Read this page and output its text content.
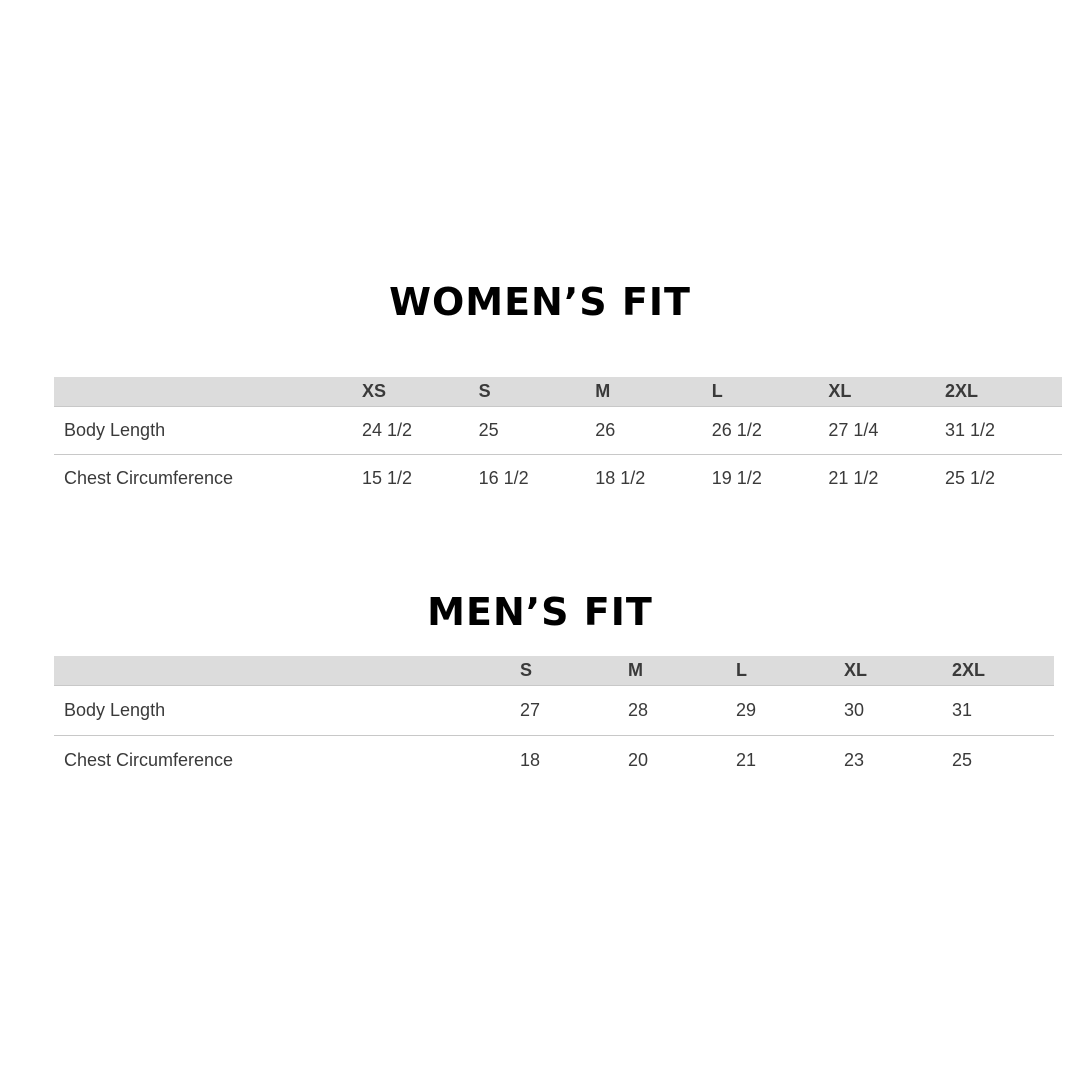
WOMEN’S FIT
	XS	S	M	L	XL	2XL
Body Length	24 1/2	25	26	26 1/2	27 1/4	31 1/2
Chest Circumference	15 1/2	16 1/2	18 1/2	19 1/2	21 1/2	25 1/2
MEN’S FIT
	S	M	L	XL	2XL
Body Length	27	28	29	30	31
Chest Circumference	18	20	21	23	25
